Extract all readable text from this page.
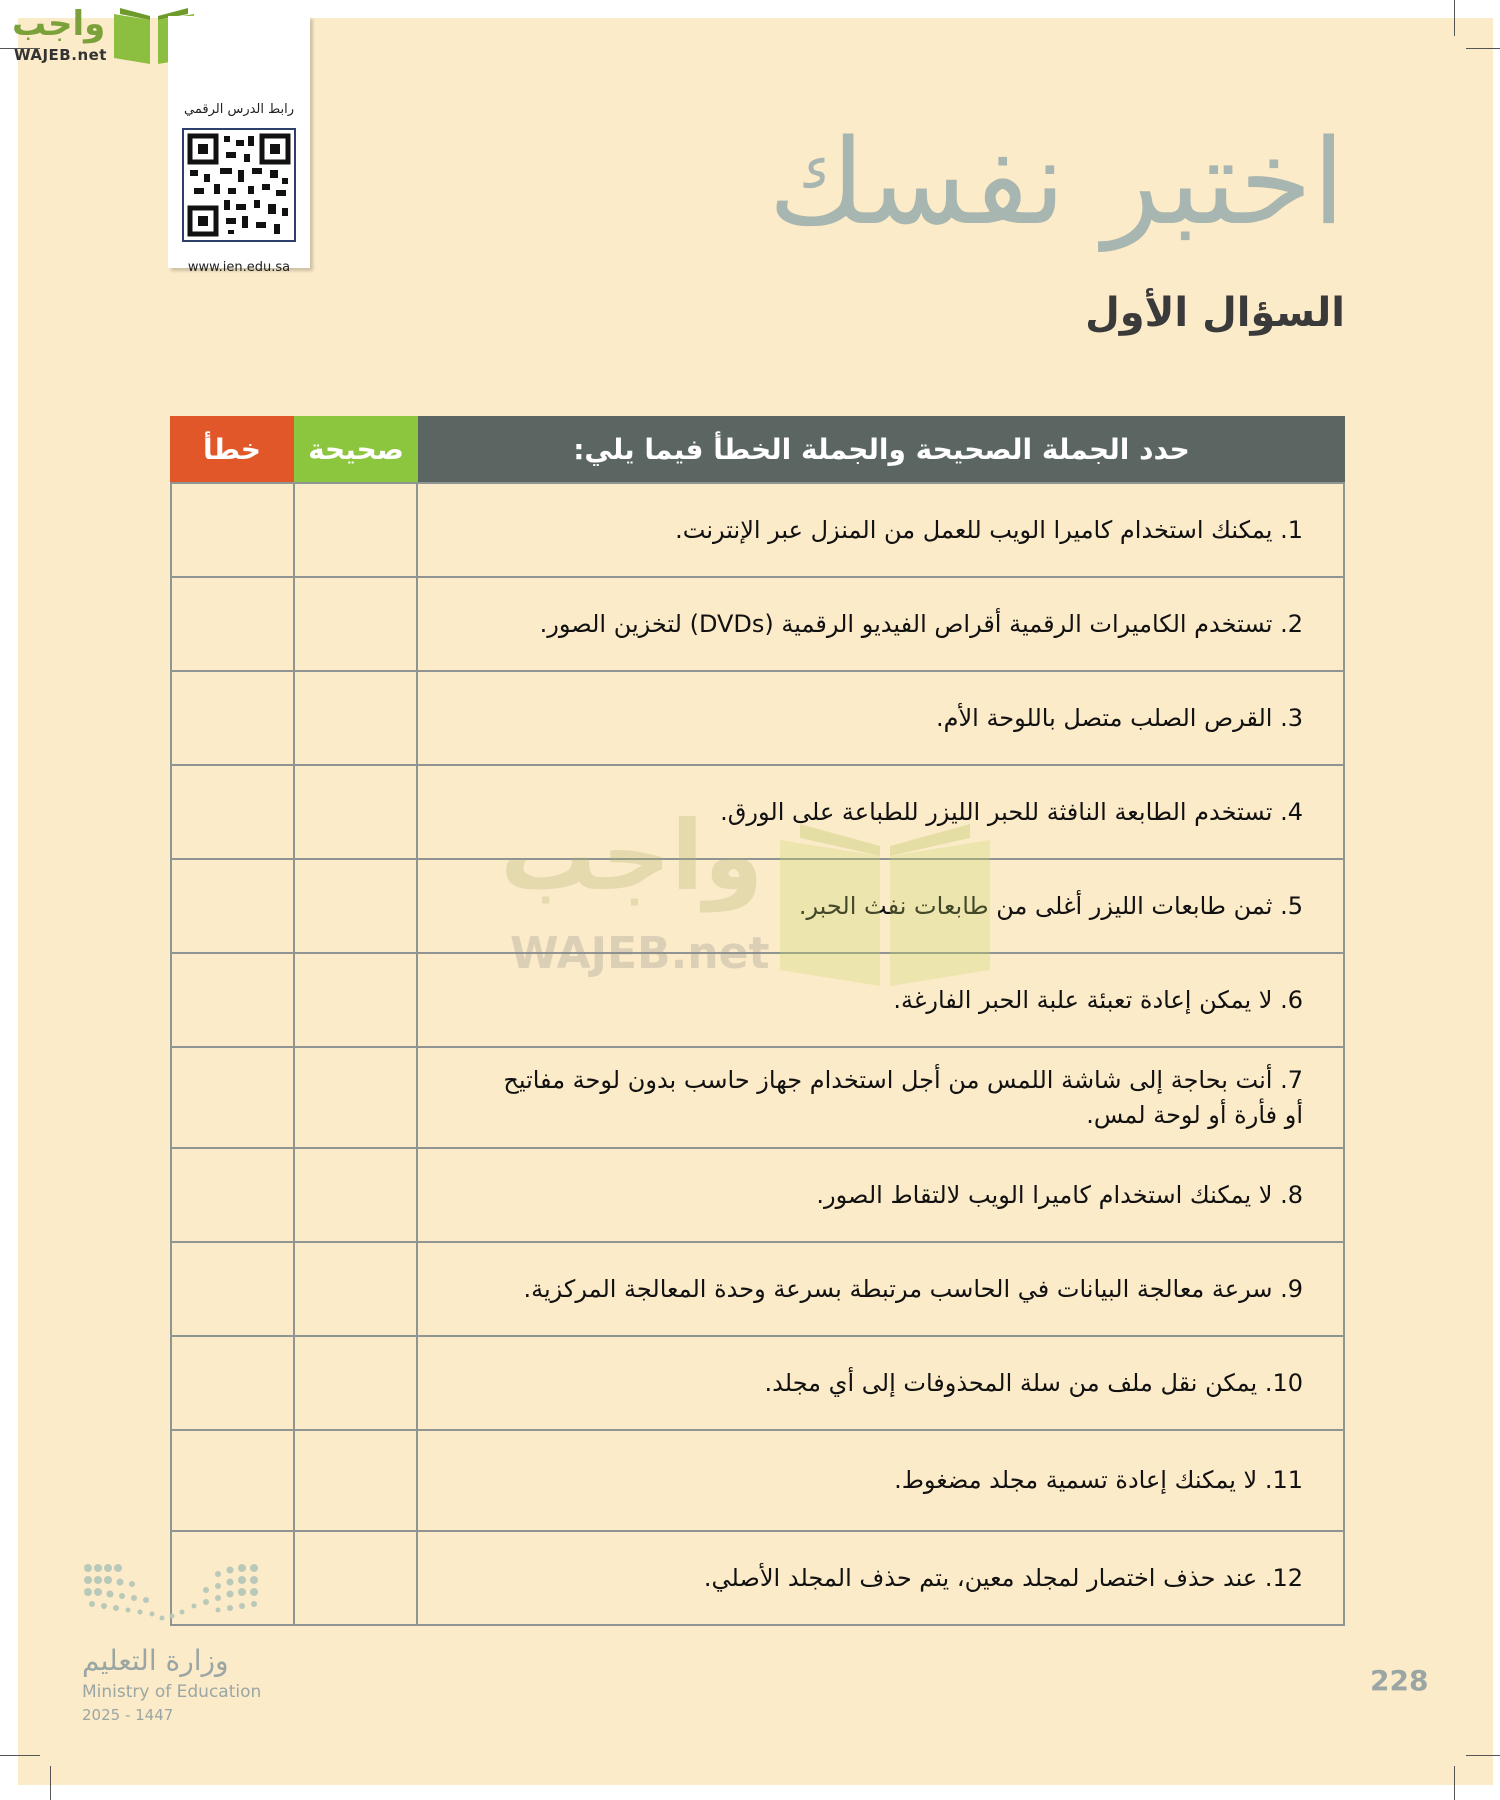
واجب
WAJEB.net
رابط الدرس الرقمي
www.ien.edu.sa
اختبر نفسك
السؤال الأول
خطأ	صحيحة	حدد الجملة الصحيحة والجملة الخطأ فيما يلي:
1. يمكنك استخدام كاميرا الويب للعمل من المنزل عبر الإنترنت.
2. تستخدم الكاميرات الرقمية أقراص الفيديو الرقمية (DVDs) لتخزين الصور.
3. القرص الصلب متصل باللوحة الأم.
4. تستخدم الطابعة النافثة للحبر الليزر للطباعة على الورق.
5. ثمن طابعات الليزر أغلى من طابعات نفث الحبر.
6. لا يمكن إعادة تعبئة علبة الحبر الفارغة.
7. أنت بحاجة إلى شاشة اللمس من أجل استخدام جهاز حاسب بدون لوحة مفاتيح أو فأرة أو لوحة لمس.
8. لا يمكنك استخدام كاميرا الويب لالتقاط الصور.
9. سرعة معالجة البيانات في الحاسب مرتبطة بسرعة وحدة المعالجة المركزية.
10. يمكن نقل ملف من سلة المحذوفات إلى أي مجلد.
11. لا يمكنك إعادة تسمية مجلد مضغوط.
12. عند حذف اختصار لمجلد معين، يتم حذف المجلد الأصلي.
واجب
WAJEB.net
وزارة التعليم
Ministry of Education
2025 - 1447
228
